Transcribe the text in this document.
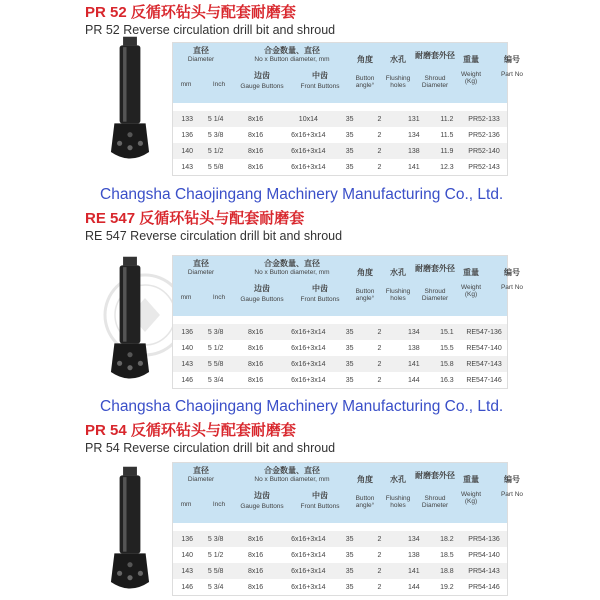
PR 52 反循环钻头与配套耐磨套
PR 52 Reverse circulation drill bit and shroud
直径
Diameter
合金数量、直径
No x Button diameter, mm
mm	Inch
边齿
Gauge Buttons
中齿
Front Buttons
角度
Button angle°
水孔
Flushing holes
耐磨套外径
Shroud Diameter
重量
Weight (Kg)
编号
Part No
133	5 1/4	8x16	10x14	35	2	131	11.2	PR52-133
136	5 3/8	8x16	6x16+3x14	35	2	134	11.5	PR52-136
140	5 1/2	8x16	6x16+3x14	35	2	138	11.9	PR52-140
143	5 5/8	8x16	6x16+3x14	35	2	141	12.3	PR52-143
RE 547 反循环钻头与配套耐磨套
RE 547 Reverse circulation drill bit and shroud
直径
Diameter
合金数量、直径
No x Button diameter, mm
mm	Inch
边齿
Gauge Buttons
中齿
Front Buttons
角度
Button angle°
水孔
Flushing holes
耐磨套外径
Shroud Diameter
重量
Weight (Kg)
编号
Part No
136	5 3/8	8x16	6x16+3x14	35	2	134	15.1	RE547-136
140	5 1/2	8x16	6x16+3x14	35	2	138	15.5	RE547-140
143	5 5/8	8x16	6x16+3x14	35	2	141	15.8	RE547-143
146	5 3/4	8x16	6x16+3x14	35	2	144	16.3	RE547-146
PR 54 反循环钻头与配套耐磨套
PR 54 Reverse circulation drill bit and shroud
直径
Diameter
合金数量、直径
No x Button diameter, mm
mm	Inch
边齿
Gauge Buttons
中齿
Front Buttons
角度
Button angle°
水孔
Flushing holes
耐磨套外径
Shroud Diameter
重量
Weight (Kg)
编号
Part No
136	5 3/8	8x16	6x16+3x14	35	2	134	18.2	PR54-136
140	5 1/2	8x16	6x16+3x14	35	2	138	18.5	PR54-140
143	5 5/8	8x16	6x16+3x14	35	2	141	18.8	PR54-143
146	5 3/4	8x16	6x16+3x14	35	2	144	19.2	PR54-146
Changsha Chaojingang Machinery Manufacturing Co., Ltd.
Changsha Chaojingang Machinery Manufacturing Co., Ltd.
